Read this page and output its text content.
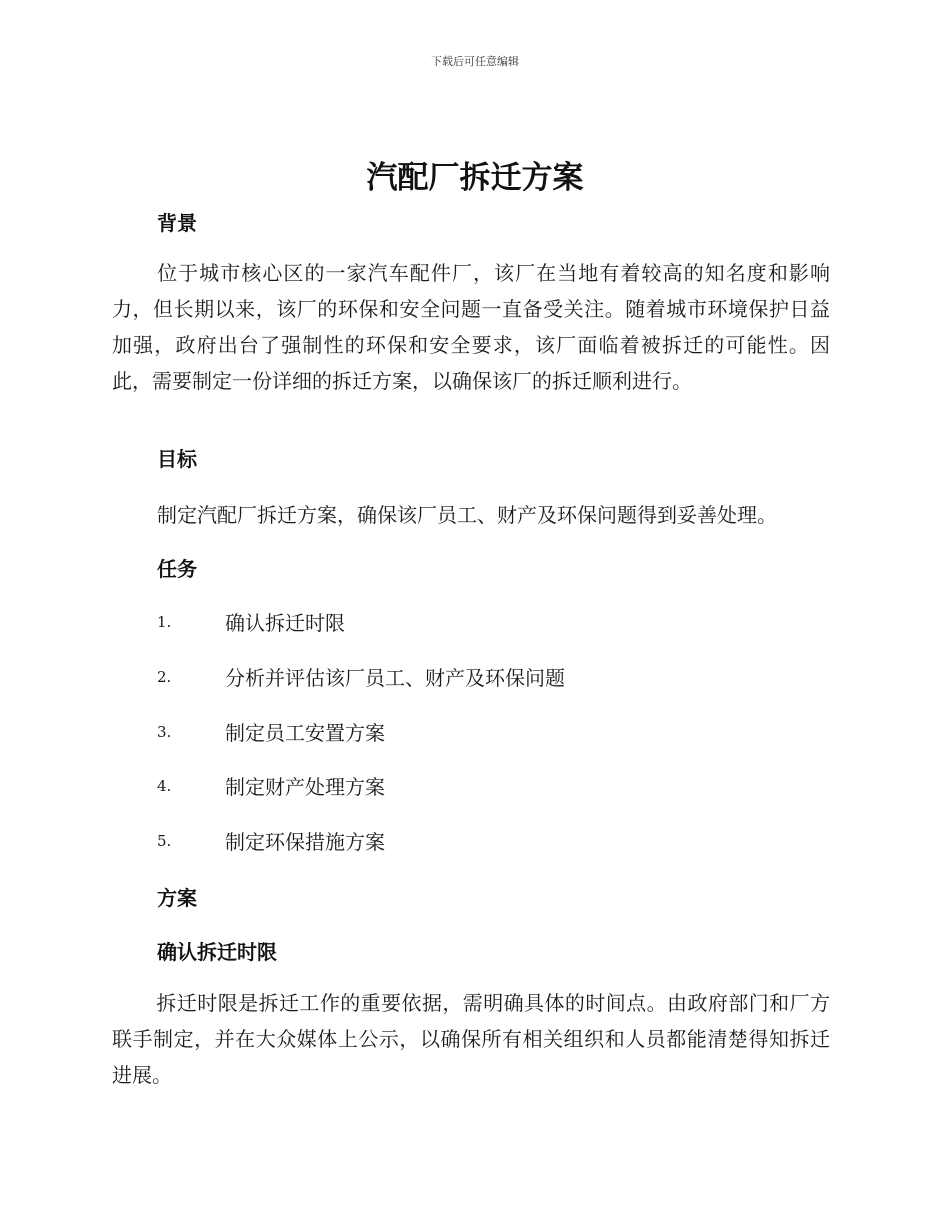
下载后可任意编辑
汽配厂拆迁方案
背景
位于城市核心区的一家汽车配件厂，该厂在当地有着较高的知名度和影响力，但长期以来，该厂的环保和安全问题一直备受关注。随着城市环境保护日益加强，政府出台了强制性的环保和安全要求，该厂面临着被拆迁的可能性。因此，需要制定一份详细的拆迁方案，以确保该厂的拆迁顺利进行。
目标
制定汽配厂拆迁方案，确保该厂员工、财产及环保问题得到妥善处理。
任务
1.	确认拆迁时限
2.	分析并评估该厂员工、财产及环保问题
3.	制定员工安置方案
4.	制定财产处理方案
5.	制定环保措施方案
方案
确认拆迁时限
拆迁时限是拆迁工作的重要依据，需明确具体的时间点。由政府部门和厂方联手制定，并在大众媒体上公示，以确保所有相关组织和人员都能清楚得知拆迁进展。
